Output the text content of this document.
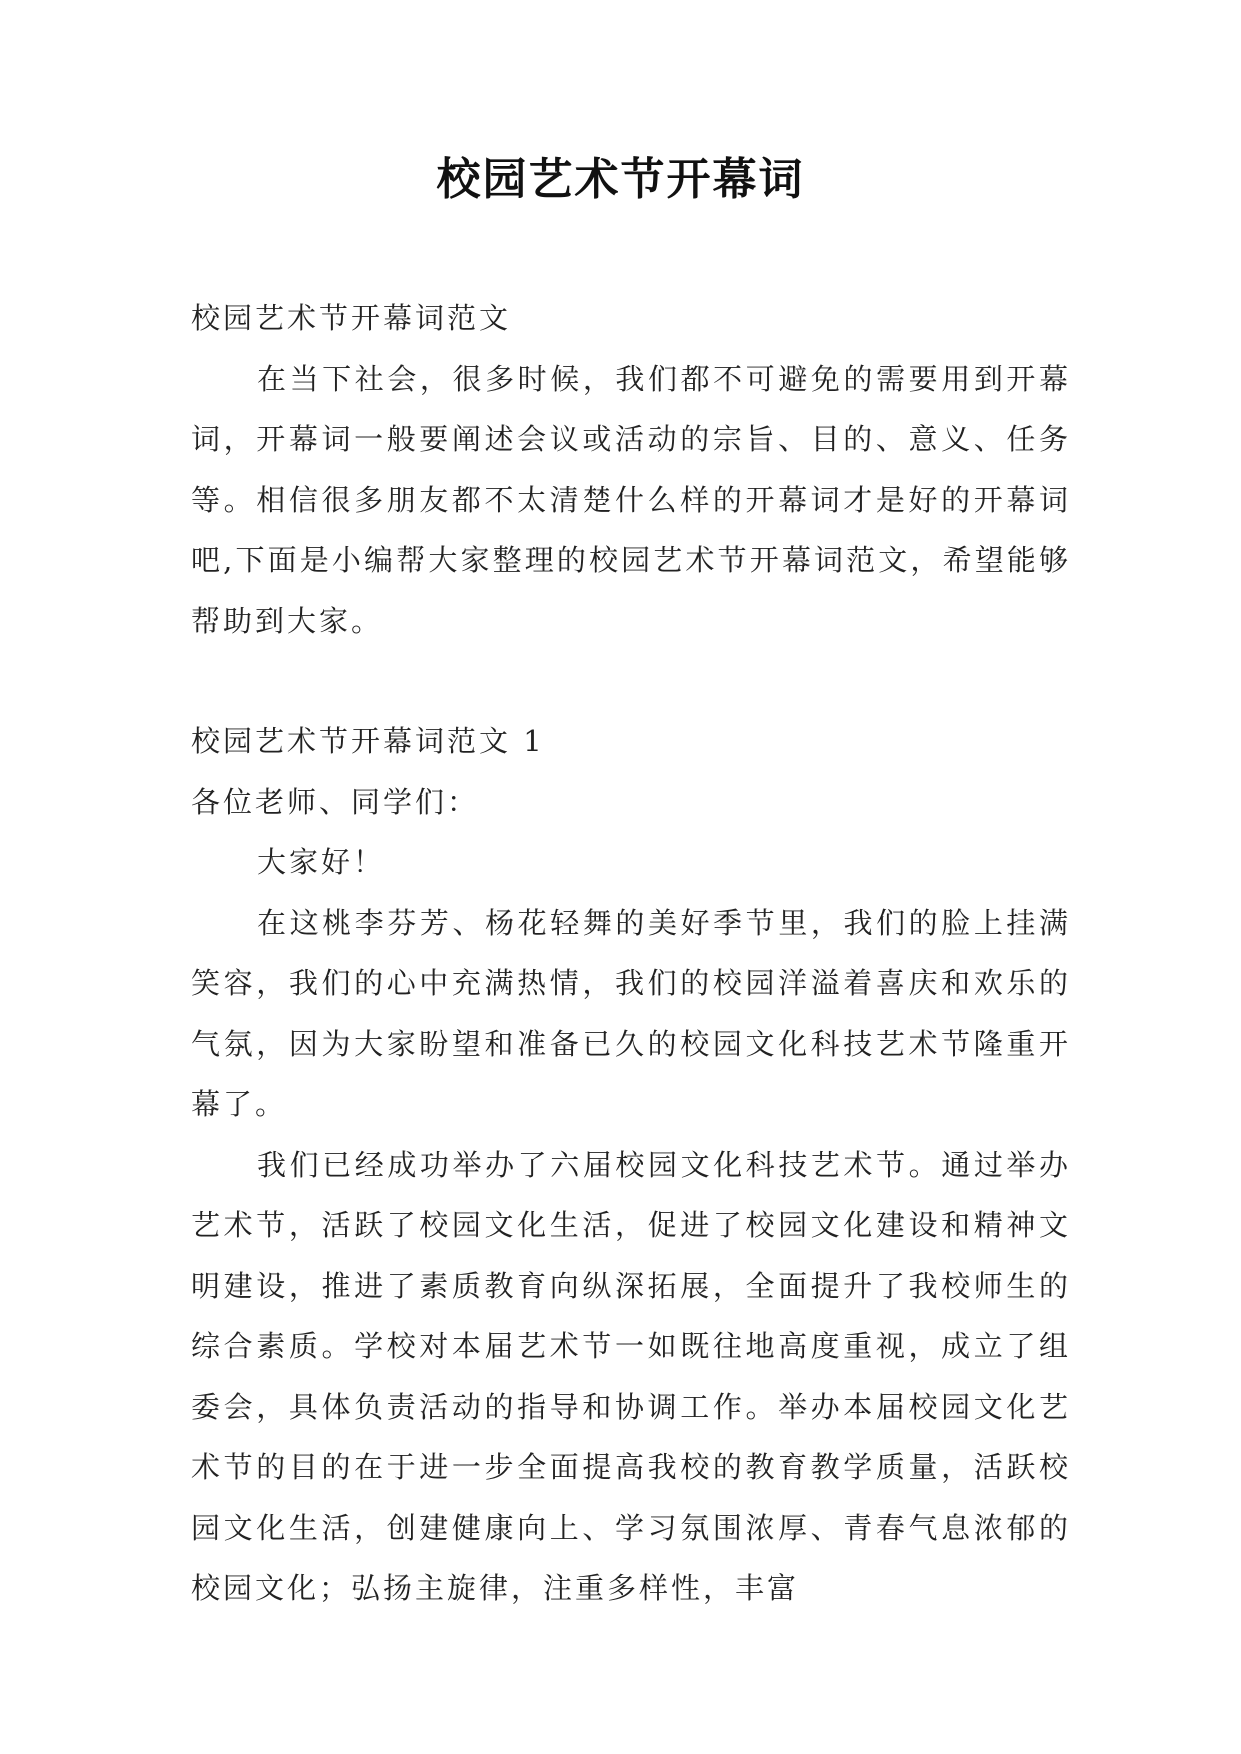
校园艺术节开幕词

校园艺术节开幕词范文

在当下社会，很多时候，我们都不可避免的需要用到开幕词，开幕词一般要阐述会议或活动的宗旨、目的、意义、任务等。相信很多朋友都不太清楚什么样的开幕词才是好的开幕词吧,下面是小编帮大家整理的校园艺术节开幕词范文，希望能够帮助到大家。

校园艺术节开幕词范文 1

各位老师、同学们：

大家好！

在这桃李芬芳、杨花轻舞的美好季节里，我们的脸上挂满笑容，我们的心中充满热情，我们的校园洋溢着喜庆和欢乐的气氛，因为大家盼望和准备已久的校园文化科技艺术节隆重开幕了。

我们已经成功举办了六届校园文化科技艺术节。通过举办艺术节，活跃了校园文化生活，促进了校园文化建设和精神文明建设，推进了素质教育向纵深拓展，全面提升了我校师生的综合素质。学校对本届艺术节一如既往地高度重视，成立了组委会，具体负责活动的指导和协调工作。举办本届校园文化艺术节的目的在于进一步全面提高我校的教育教学质量，活跃校园文化生活，创建健康向上、学习氛围浓厚、青春气息浓郁的校园文化；弘扬主旋律，注重多样性，丰富
